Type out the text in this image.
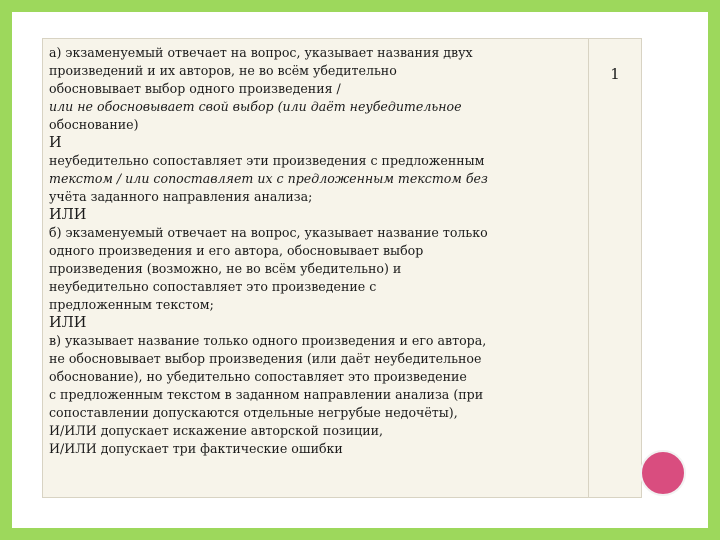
а) экзаменуемый отвечает на вопрос, указывает названия двух
произведений и их авторов, не во всём убедительно
обосновывает выбор одного произведения /
или не обосновывает свой выбор (или даёт неубедительное
обоснование)
И
неубедительно сопоставляет эти произведения с предложенным
текстом / или сопоставляет их с предложенным текстом без
учёта заданного направления анализа;
ИЛИ
б) экзаменуемый отвечает на вопрос, указывает название только
одного произведения и его автора, обосновывает выбор
произведения (возможно, не во всём убедительно) и
неубедительно сопоставляет это произведение с
предложенным текстом;
ИЛИ
в) указывает название только одного произведения и его автора,
не обосновывает выбор произведения (или даёт неубедительное
обоснование), но убедительно сопоставляет это произведение
с предложенным текстом в заданном направлении анализа (при
сопоставлении допускаются отдельные негрубые недочёты),
И/ИЛИ допускает искажение авторской позиции,
И/ИЛИ допускает три фактические ошибки
1
